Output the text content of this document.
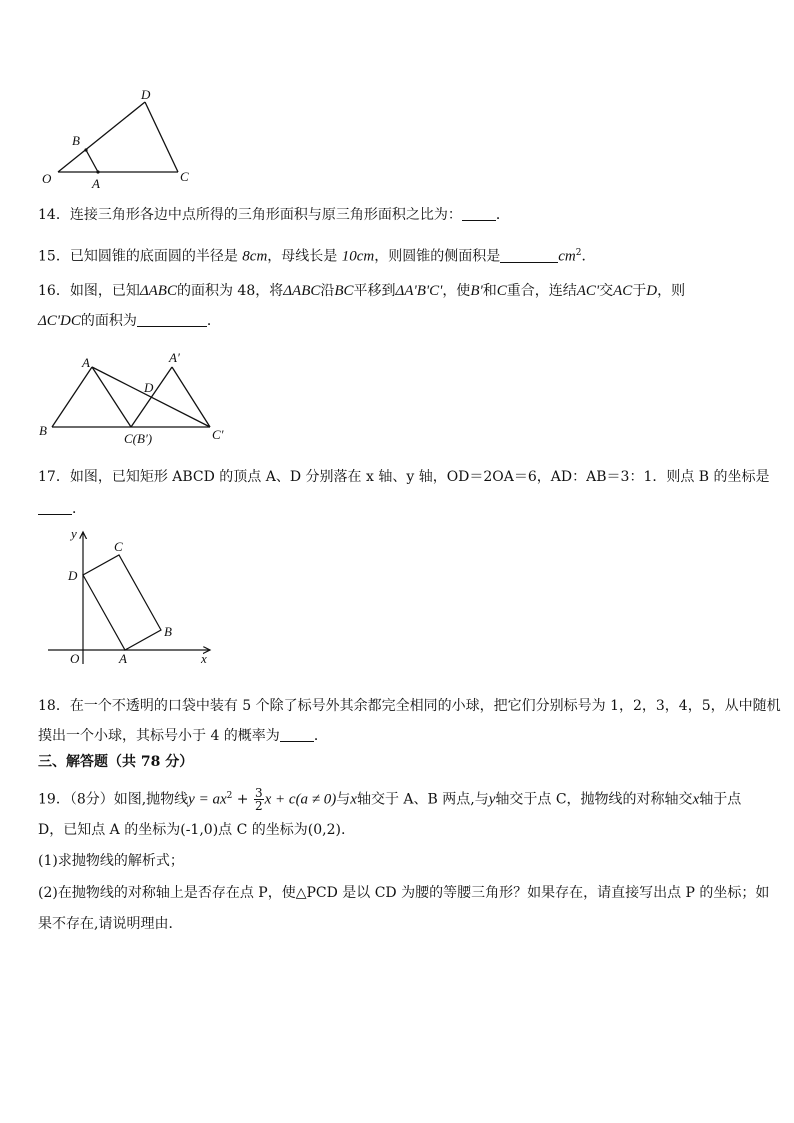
O	A
B
C
D
14．连接三角形各边中点所得的三角形面积与原三角形面积之比为： ．
15．已知圆锥的底面圆的半径是 8cm，母线长是 10cm，则圆锥的侧面积是	$cm^2$．
16．如图，已知ΔABC的面积为 48，将ΔABC沿BC平移到ΔA'B'C'，使B'和C重合，连结AC'交AC于D，则
ΔC'DC的面积为	．
A	A′
D
B
C(B′)	C′
17．如图，已知矩形 ABCD 的顶点 A、D 分别落在 x 轴、y 轴，OD＝2OA＝6，AD：AB＝3：1．则点 B 的坐标是
．
y
x
O	A
B
C
D
18．在一个不透明的口袋中装有 5 个除了标号外其余都完全相同的小球，把它们分别标号为 1，2，3，4，5，从中随机
摸出一个小球，其标号小于 4 的概率为 ．
三、解答题（共 78 分）
19．（8分）如图,抛物线$y = ax^2 + \frac{3}{2}$ x + c(a ≠ 0)与x轴交于 A、B 两点,与y轴交于点 C，抛物线的对称轴交x轴于点
D，已知点 A 的坐标为(-1,0)点 C 的坐标为(0,2).
(1)求抛物线的解析式；
(2)在抛物线的对称轴上是否存在点 P，使△PCD 是以 CD 为腰的等腰三角形？如果存在，请直接写出点 P 的坐标；如
果不存在,请说明理由．
